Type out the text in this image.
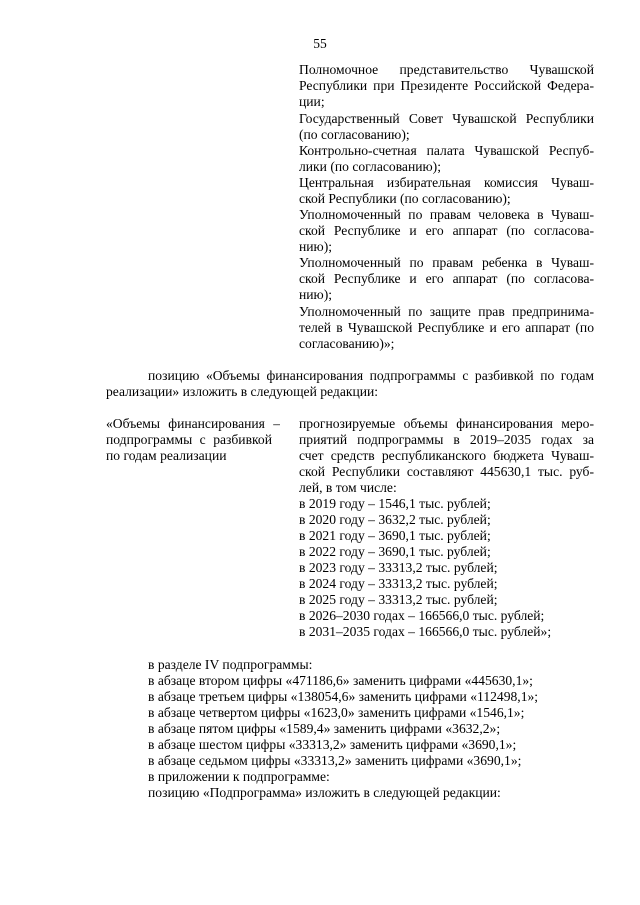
55
Полномочное представительство Чувашской
Республики при Президенте Российской Федера-
ции;
Государственный Совет Чувашской Республики
(по согласованию);
Контрольно-счетная палата Чувашской Респуб-
лики (по согласованию);
Центральная избирательная комиссия Чуваш-
ской Республики (по согласованию);
Уполномоченный по правам человека в Чуваш-
ской Республике и его аппарат (по согласова-
нию);
Уполномоченный по правам ребенка в Чуваш-
ской Республике и его аппарат (по согласова-
нию);
Уполномоченный по защите прав предпринима-
телей в Чувашской Республике и его аппарат (по
согласованию)»;
позицию «Объемы финансирования подпрограммы с разбивкой по годам
реализации» изложить в следующей редакции:
«Объемы финансирования –
подпрограммы с разбивкой
по годам реализации
прогнозируемые объемы финансирования меро-
приятий подпрограммы в 2019–2035 годах за
счет средств республиканского бюджета Чуваш-
ской Республики составляют 445630,1 тыс. руб-
лей, в том числе:
в 2019 году – 1546,1 тыс. рублей;
в 2020 году – 3632,2 тыс. рублей;
в 2021 году – 3690,1 тыс. рублей;
в 2022 году – 3690,1 тыс. рублей;
в 2023 году – 33313,2 тыс. рублей;
в 2024 году – 33313,2 тыс. рублей;
в 2025 году – 33313,2 тыс. рублей;
в 2026–2030 годах – 166566,0 тыс. рублей;
в 2031–2035 годах – 166566,0 тыс. рублей»;
в разделе IV подпрограммы:
в абзаце втором цифры «471186,6» заменить цифрами «445630,1»;
в абзаце третьем цифры «138054,6» заменить цифрами «112498,1»;
в абзаце четвертом цифры «1623,0» заменить цифрами «1546,1»;
в абзаце пятом цифры «1589,4» заменить цифрами «3632,2»;
в абзаце шестом цифры «33313,2» заменить цифрами «3690,1»;
в абзаце седьмом цифры «33313,2» заменить цифрами «3690,1»;
в приложении к подпрограмме:
позицию «Подпрограмма» изложить в следующей редакции:
